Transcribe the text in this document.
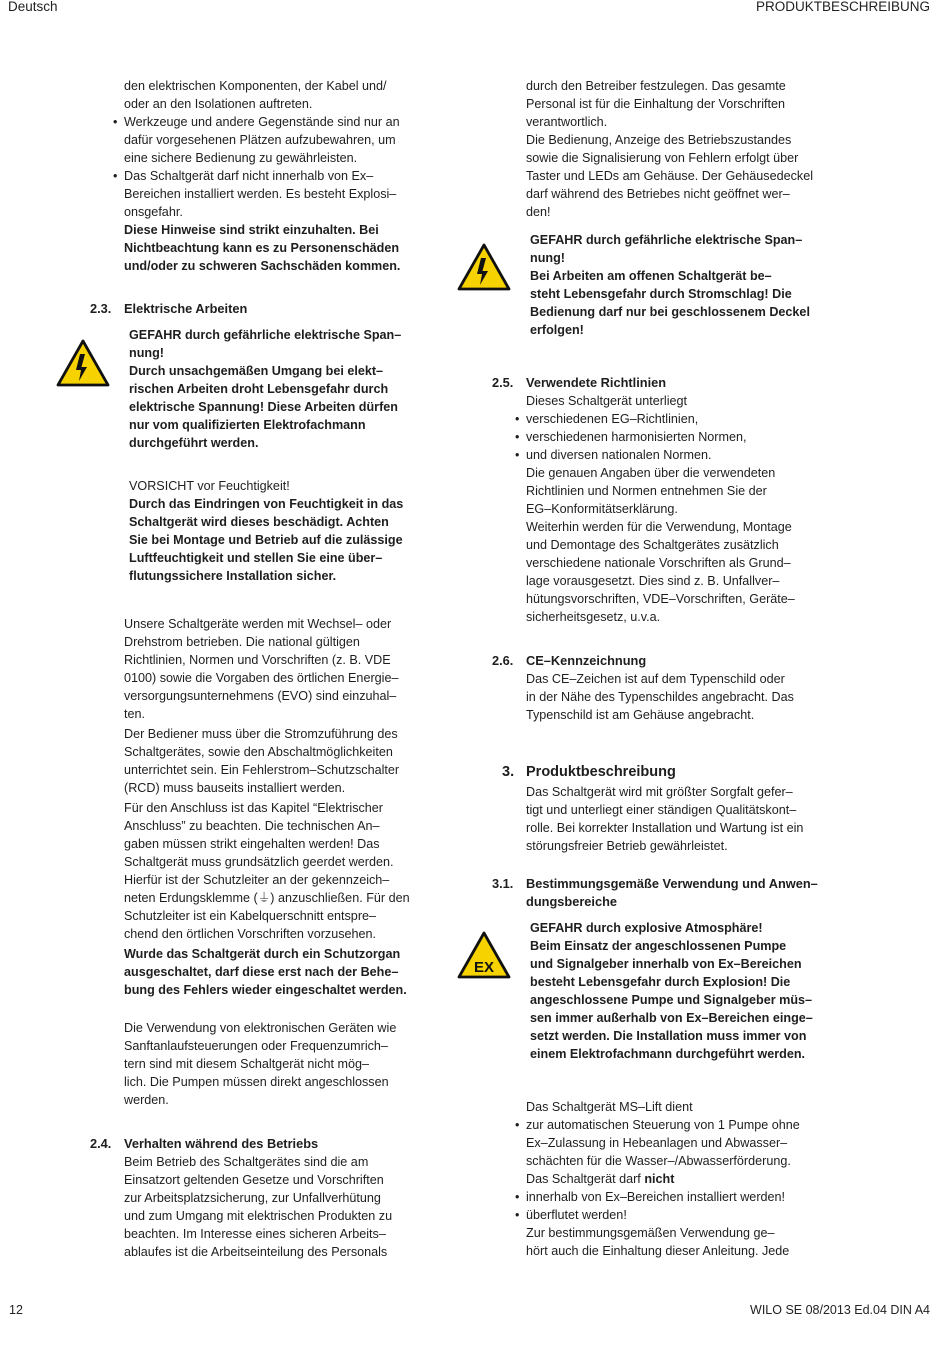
Deutsch	PRODUKTBESCHREIBUNG

den elektrischen Komponenten, der Kabel und/

oder an den Isolationen auftreten.

• Werkzeuge und andere Gegenstände sind nur an
dafür vorgesehenen Plätzen aufzubewahren, um
eine sichere Bedienung zu gewährleisten.
• Das Schaltgerät darf nicht innerhalb von Ex–
Bereichen installiert werden. Es besteht Explosi–
onsgefahr.
Diese Hinweise sind strikt einzuhalten. Bei
Nichtbeachtung kann es zu Personenschäden
und/oder zu schweren Sachschäden kommen.
2.3. Elektrische Arbeiten
GEFAHR durch gefährliche elektrische Span–
nung!
Durch unsachgemäßen Umgang bei elekt–
rischen Arbeiten droht Lebensgefahr durch
elektrische Spannung! Diese Arbeiten dürfen
nur vom qualifizierten Elektrofachmann
durchgeführt werden.
VORSICHT vor Feuchtigkeit!
Durch das Eindringen von Feuchtigkeit in das
Schaltgerät wird dieses beschädigt. Achten
Sie bei Montage und Betrieb auf die zulässige
Luftfeuchtigkeit und stellen Sie eine über–
flutungssichere Installation sicher.
Unsere Schaltgeräte werden mit Wechsel– oder
Drehstrom betrieben. Die national gültigen
Richtlinien, Normen und Vorschriften (z. B. VDE
0100) sowie die Vorgaben des örtlichen Energie–
versorgungsunternehmens (EVO) sind einzuhal–
ten.
Der Bediener muss über die Stromzuführung des
Schaltgerätes, sowie den Abschaltmöglichkeiten
unterrichtet sein. Ein Fehlerstrom–Schutzschalter
(RCD) muss bauseits installiert werden.
Für den Anschluss ist das Kapitel “Elektrischer
Anschluss” zu beachten. Die technischen An–
gaben müssen strikt eingehalten werden! Das
Schaltgerät muss grundsätzlich geerdet werden.
Hierfür ist der Schutzleiter an der gekennzeich–
neten Erdungsklemme (⏚) anzuschließen. Für den
Schutzleiter ist ein Kabelquerschnitt entspre–
chend den örtlichen Vorschriften vorzusehen.
Wurde das Schaltgerät durch ein Schutzorgan
ausgeschaltet, darf diese erst nach der Behe–
bung des Fehlers wieder eingeschaltet werden.
Die Verwendung von elektronischen Geräten wie
Sanftanlaufsteuerungen oder Frequenzumrich–
tern sind mit diesem Schaltgerät nicht mög–
lich. Die Pumpen müssen direkt angeschlossen
werden.
2.4. Verhalten während des Betriebs
Beim Betrieb des Schaltgerätes sind die am
Einsatzort geltenden Gesetze und Vorschriften
zur Arbeitsplatzsicherung, zur Unfallverhütung
und zum Umgang mit elektrischen Produkten zu
beachten. Im Interesse eines sicheren Arbeits–
ablaufes ist die Arbeitseinteilung des Personals
durch den Betreiber festzulegen. Das gesamte
Personal ist für die Einhaltung der Vorschriften
verantwortlich.
Die Bedienung, Anzeige des Betriebszustandes
sowie die Signalisierung von Fehlern erfolgt über
Taster und LEDs am Gehäuse. Der Gehäusedeckel
darf während des Betriebes nicht geöffnet wer–
den!
GEFAHR durch gefährliche elektrische Span–
nung!
Bei Arbeiten am offenen Schaltgerät be–
steht Lebensgefahr durch Stromschlag! Die
Bedienung darf nur bei geschlossenem Deckel
erfolgen!
2.5. Verwendete Richtlinien
Dieses Schaltgerät unterliegt
• verschiedenen EG–Richtlinien,
• verschiedenen harmonisierten Normen,
• und diversen nationalen Normen.
Die genauen Angaben über die verwendeten
Richtlinien und Normen entnehmen Sie der
EG–Konformitätserklärung.
Weiterhin werden für die Verwendung, Montage
und Demontage des Schaltgerätes zusätzlich
verschiedene nationale Vorschriften als Grund–
lage vorausgesetzt. Dies sind z. B. Unfallver–
hütungsvorschriften, VDE–Vorschriften, Geräte–
sicherheitsgesetz, u.v.a.
2.6. CE–Kennzeichnung
Das CE–Zeichen ist auf dem Typenschild oder
in der Nähe des Typenschildes angebracht. Das
Typenschild ist am Gehäuse angebracht.
3. Produktbeschreibung
Das Schaltgerät wird mit größter Sorgfalt gefer–
tigt und unterliegt einer ständigen Qualitätskont–
rolle. Bei korrekter Installation und Wartung ist ein
störungsfreier Betrieb gewährleistet.
3.1. Bestimmungsgemäße Verwendung und Anwen–
dungsbereiche
EX
GEFAHR durch explosive Atmosphäre!
Beim Einsatz der angeschlossenen Pumpe
und Signalgeber innerhalb von Ex–Bereichen
besteht Lebensgefahr durch Explosion! Die
angeschlossene Pumpe und Signalgeber müs–
sen immer außerhalb von Ex–Bereichen einge–
setzt werden. Die Installation muss immer von
einem Elektrofachmann durchgeführt werden.
Das Schaltgerät MS–Lift dient
• zur automatischen Steuerung von 1 Pumpe ohne
Ex–Zulassung in Hebeanlagen und Abwasser–
schächten für die Wasser–/Abwasserförderung.
Das Schaltgerät darf nicht
• innerhalb von Ex–Bereichen installiert werden!
• überflutet werden!
Zur bestimmungsgemäßen Verwendung ge–
hört auch die Einhaltung dieser Anleitung. Jede
12	WILO SE 08/2013 Ed.04 DIN A4
